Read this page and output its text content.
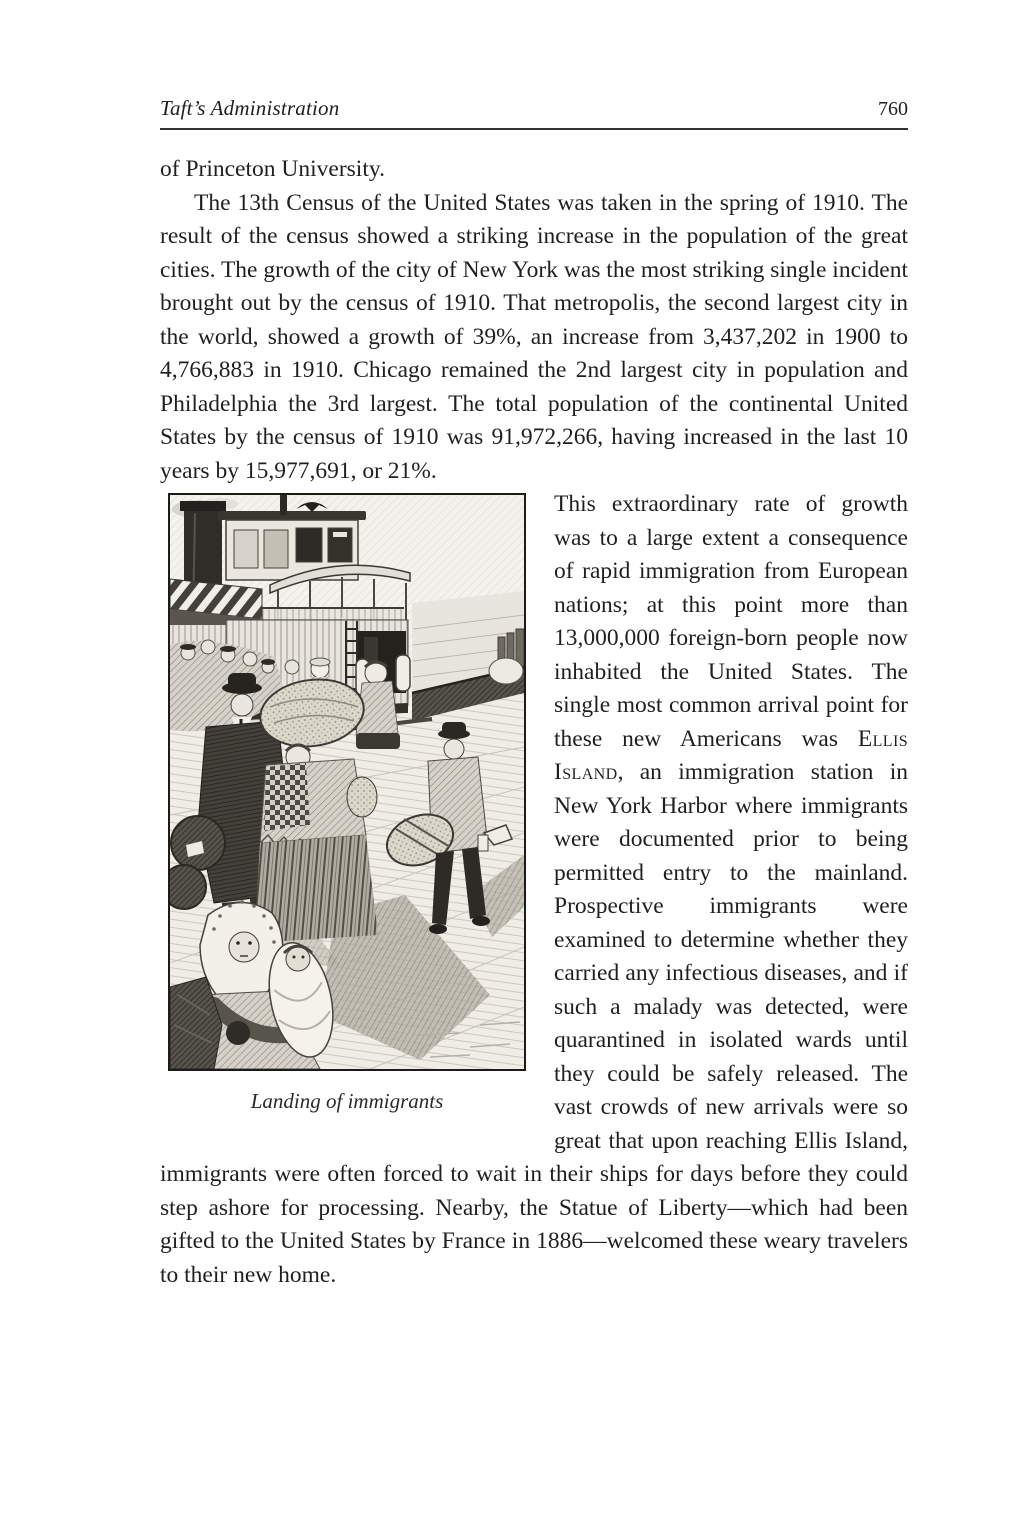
Taft’s Administration	760

of Princeton University.

The 13th Census of the United States was taken in the spring of 1910. The result of the census showed a striking increase in the population of the great cities. The growth of the city of New York was the most striking single incident brought out by the census of 1910. That metropolis, the second largest city in the world, showed a growth of 39%, an increase from 3,437,202 in 1900 to 4,766,883 in 1910. Chicago remained the 2nd largest city in population and Philadelphia the 3rd largest. The total population of the continental United States by the census of 1910 was 91,972,266, having increased in the last 10 years by 15,977,691, or 21%.

Landing of immigrants
This extraordinary rate of growth was to a large extent a consequence of rapid immigration from European nations; at this point more than 13,000,000 foreign-born people now inhabited the United States. The single most common arrival point for these new Americans was Ellis Island, an immigration station in New York Harbor where immigrants were documented prior to being permitted entry to the mainland. Prospective immigrants were examined to determine whether they carried any infectious diseases, and if such a malady was detected, were quarantined in isolated wards until they could be safely released. The vast crowds of new arrivals were so great that upon reaching Ellis Island, immigrants were often forced to wait in their ships for days before they could step ashore for processing. Nearby, the Statue of Liberty—which had been gifted to the United States by France in 1886—welcomed these weary travelers to their new home.
